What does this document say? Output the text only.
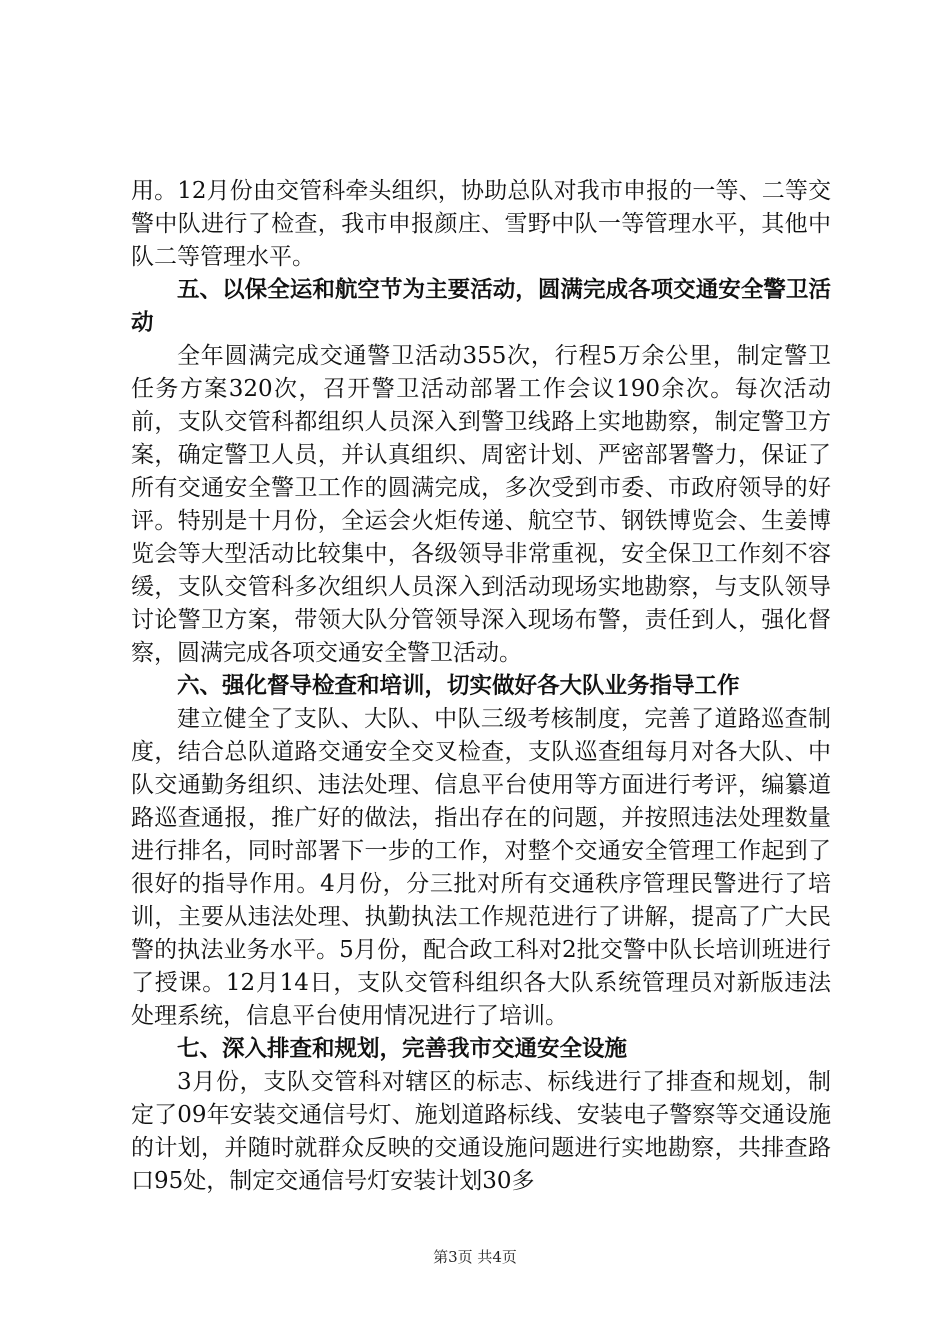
用。12月份由交管科牵头组织，协助总队对我市申报的一等、二等交警中队进行了检查，我市申报颜庄、雪野中队一等管理水平，其他中队二等管理水平。

五、以保全运和航空节为主要活动，圆满完成各项交通安全警卫活动

全年圆满完成交通警卫活动355次，行程5万余公里，制定警卫任务方案320次，召开警卫活动部署工作会议190余次。每次活动前，支队交管科都组织人员深入到警卫线路上实地勘察，制定警卫方案，确定警卫人员，并认真组织、周密计划、严密部署警力，保证了所有交通安全警卫工作的圆满完成，多次受到市委、市政府领导的好评。特别是十月份，全运会火炬传递、航空节、钢铁博览会、生姜博览会等大型活动比较集中，各级领导非常重视，安全保卫工作刻不容缓，支队交管科多次组织人员深入到活动现场实地勘察，与支队领导讨论警卫方案，带领大队分管领导深入现场布警，责任到人，强化督察，圆满完成各项交通安全警卫活动。

六、强化督导检查和培训，切实做好各大队业务指导工作

建立健全了支队、大队、中队三级考核制度，完善了道路巡查制度，结合总队道路交通安全交叉检查，支队巡查组每月对各大队、中队交通勤务组织、违法处理、信息平台使用等方面进行考评，编纂道路巡查通报，推广好的做法，指出存在的问题，并按照违法处理数量进行排名，同时部署下一步的工作，对整个交通安全管理工作起到了很好的指导作用。4月份，分三批对所有交通秩序管理民警进行了培训，主要从违法处理、执勤执法工作规范进行了讲解，提高了广大民警的执法业务水平。5月份，配合政工科对2批交警中队长培训班进行了授课。12月14日，支队交管科组织各大队系统管理员对新版违法处理系统，信息平台使用情况进行了培训。

七、深入排查和规划，完善我市交通安全设施

3月份，支队交管科对辖区的标志、标线进行了排查和规划，制定了09年安装交通信号灯、施划道路标线、安装电子警察等交通设施的计划，并随时就群众反映的交通设施问题进行实地勘察，共排查路口95处，制定交通信号灯安装计划30多

第3页 共4页
